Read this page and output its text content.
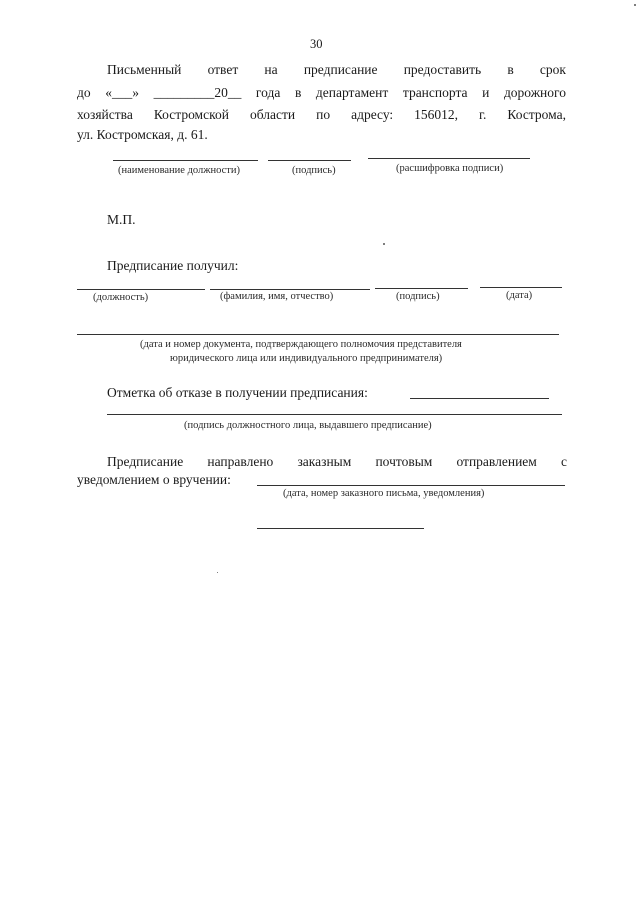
30
Письменный ответ на предписание предоставить в срок
до «___» _________20__ года в департамент транспорта и дорожного
хозяйства Костромской области по адресу: 156012, г. Кострома,
ул. Костромская, д. 61.
(наименование должности)	(подпись)	(расшифровка подписи)
М.П.
Предписание получил:
(должность)	(фамилия, имя, отчество)	(подпись)	(дата)
(дата и номер документа, подтверждающего полномочия представителя
юридического лица или индивидуального предпринимателя)
Отметка об отказе в получении предписания:
(подпись должностного лица, выдавшего предписание)
Предписание направлено заказным почтовым отправлением с
уведомлением о вручении:
(дата, номер заказного письма, уведомления)
